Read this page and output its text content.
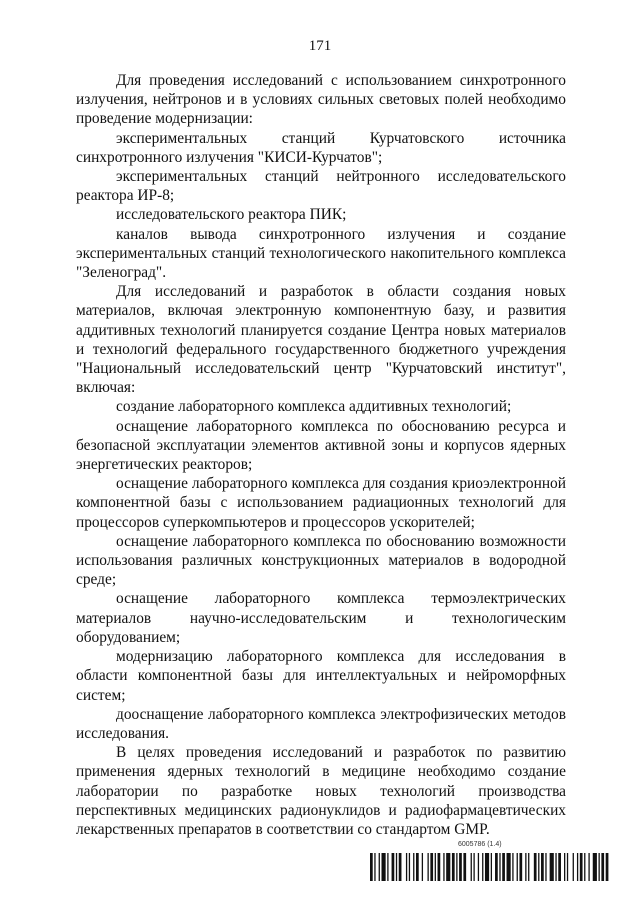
171

Для проведения исследований с использованием синхротронного излучения, нейтронов и в условиях сильных световых полей необходимо проведение модернизации:

экспериментальных станций Курчатовского источника синхротронного излучения "КИСИ-Курчатов";

экспериментальных станций нейтронного исследовательского реактора ИР-8;

исследовательского реактора ПИК;

каналов вывода синхротронного излучения и создание экспериментальных станций технологического накопительного комплекса "Зеленоград".

Для исследований и разработок в области создания новых материалов, включая электронную компонентную базу, и развития аддитивных технологий планируется создание Центра новых материалов и технологий федерального государственного бюджетного учреждения "Национальный исследовательский центр "Курчатовский институт", включая:

создание лабораторного комплекса аддитивных технологий;

оснащение лабораторного комплекса по обоснованию ресурса и безопасной эксплуатации элементов активной зоны и корпусов ядерных энергетических реакторов;

оснащение лабораторного комплекса для создания криоэлектронной компонентной базы с использованием радиационных технологий для процессоров суперкомпьютеров и процессоров ускорителей;

оснащение лабораторного комплекса по обоснованию возможности использования различных конструкционных материалов в водородной среде;

оснащение лабораторного комплекса термоэлектрических материалов научно-исследовательским и технологическим оборудованием;

модернизацию лабораторного комплекса для исследования в области компонентной базы для интеллектуальных и нейроморфных систем;

дооснащение лабораторного комплекса электрофизических методов исследования.

В целях проведения исследований и разработок по развитию применения ядерных технологий в медицине необходимо создание лаборатории по разработке новых технологий производства перспективных медицинских радионуклидов и радиофармацевтических лекарственных препаратов в соответствии со стандартом GMP.

6005786 (1.4)
